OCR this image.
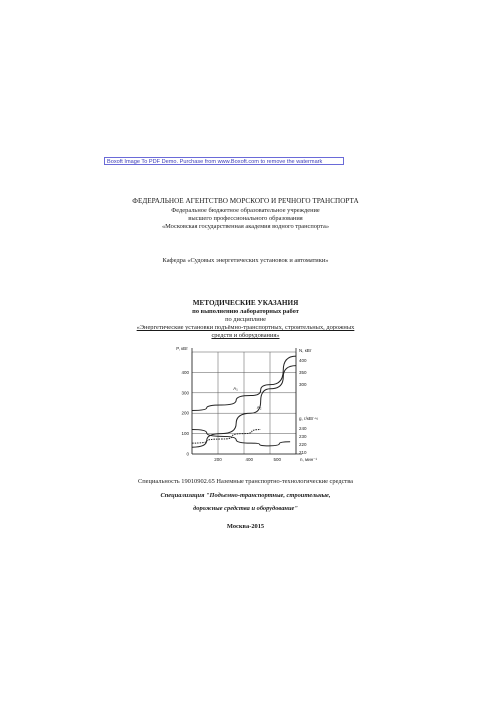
Boxoft Image To PDF Demo. Purchase from www.Boxoft.com to remove the watermark
ФЕДЕРАЛЬНОЕ АГЕНТСТВО МОРСКОГО И РЕЧНОГО ТРАНСПОРТА
Федеральное бюджетное образовательное учреждение
высшего профессионального образования
«Московская государственная академия водного транспорта»
Кафедра «Судовых энергетических установок и автоматики»
МЕТОДИЧЕСКИЕ УКАЗАНИЯ
по выполнению лабораторных работ
по дисциплине
«Энергетические установки подъёмно-транспортных, строительных, дорожных
средств и оборудования»
0
100
200
300
400
P, кВт
400
350
300
N, кВт
240
230
220
210
g, г/кВт·ч
200	400	500	n, мин⁻¹
A₁
A₂
Специальность 19010902.65 Наземные транспортно-технологические средства
Специализация "Подъемно-транспортные, строительные,
дорожные средства и оборудование"
Москва-2015
